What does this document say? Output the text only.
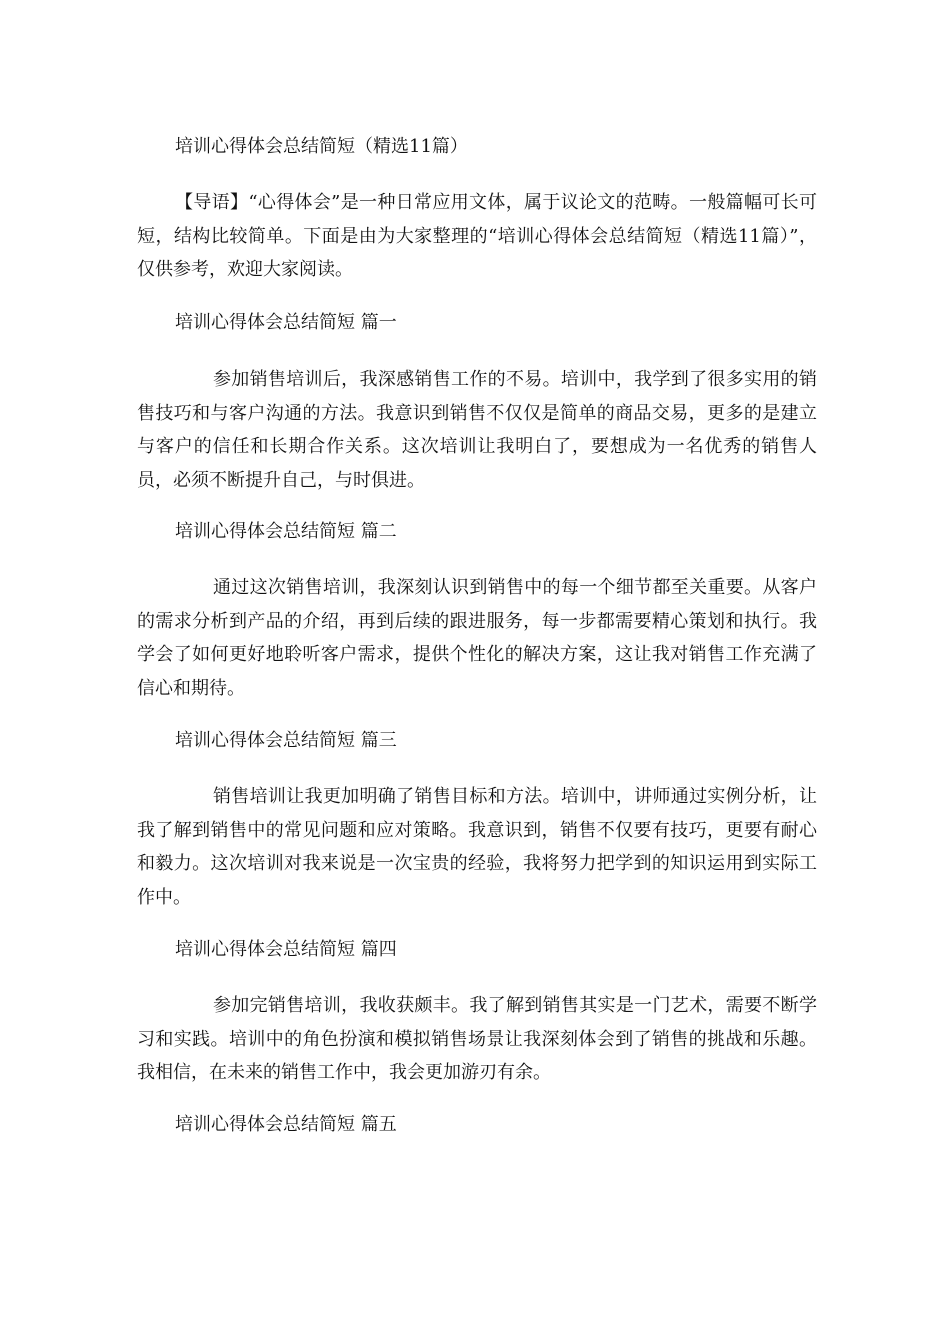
培训心得体会总结简短（精选11篇）

【导语】“心得体会”是一种日常应用文体，属于议论文的范畴。一般篇幅可长可短，结构比较简单。下面是由为大家整理的“培训心得体会总结简短（精选11篇）”，仅供参考，欢迎大家阅读。

培训心得体会总结简短 篇一

参加销售培训后，我深感销售工作的不易。培训中，我学到了很多实用的销售技巧和与客户沟通的方法。我意识到销售不仅仅是简单的商品交易，更多的是建立与客户的信任和长期合作关系。这次培训让我明白了，要想成为一名优秀的销售人员，必须不断提升自己，与时俱进。

培训心得体会总结简短 篇二

通过这次销售培训，我深刻认识到销售中的每一个细节都至关重要。从客户的需求分析到产品的介绍，再到后续的跟进服务，每一步都需要精心策划和执行。我学会了如何更好地聆听客户需求，提供个性化的解决方案，这让我对销售工作充满了信心和期待。

培训心得体会总结简短 篇三

销售培训让我更加明确了销售目标和方法。培训中，讲师通过实例分析，让我了解到销售中的常见问题和应对策略。我意识到，销售不仅要有技巧，更要有耐心和毅力。这次培训对我来说是一次宝贵的经验，我将努力把学到的知识运用到实际工作中。

培训心得体会总结简短 篇四

参加完销售培训，我收获颇丰。我了解到销售其实是一门艺术，需要不断学习和实践。培训中的角色扮演和模拟销售场景让我深刻体会到了销售的挑战和乐趣。我相信，在未来的销售工作中，我会更加游刃有余。

培训心得体会总结简短 篇五
